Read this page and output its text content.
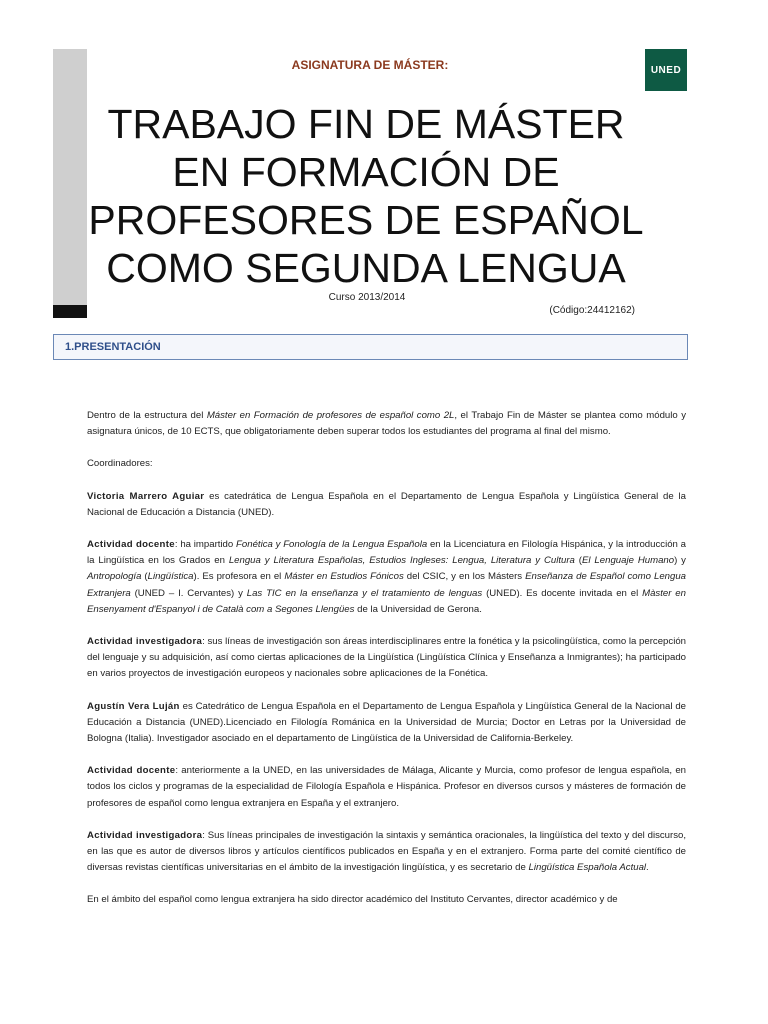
UNED
ASIGNATURA DE MÁSTER:
TRABAJO FIN DE MÁSTER
EN FORMACIÓN DE
PROFESORES DE ESPAÑOL
COMO SEGUNDA LENGUA
Curso 2013/2014
(Código:24412162)
1.PRESENTACIÓN

Dentro de la estructura del Máster en Formación de profesores de español como 2L, el Trabajo Fin de Máster se plantea como módulo y asignatura únicos, de 10 ECTS, que obligatoriamente deben superar todos los estudiantes del programa al final del mismo.

Coordinadores:

Victoria Marrero Aguiar es catedrática de Lengua Española en el Departamento de Lengua Española y Lingüística General de la Nacional de Educación a Distancia (UNED).

Actividad docente: ha impartido Fonética y Fonología de la Lengua Española en la Licenciatura en Filología Hispánica, y la introducción a la Lingüística en los Grados en Lengua y Literatura Españolas, Estudios Ingleses: Lengua, Literatura y Cultura (El Lenguaje Humano) y Antropología (Lingüística). Es profesora en el Máster en Estudios Fónicos del CSIC, y en los Másters Enseñanza de Español como Lengua Extranjera (UNED – I. Cervantes) y Las TIC en la enseñanza y el tratamiento de lenguas (UNED). Es docente invitada en el Màster en Ensenyament d'Espanyol i de Català com a Segones Llengües de la Universidad de Gerona.

Actividad investigadora: sus líneas de investigación son áreas interdisciplinares entre la fonética y la psicolingüística, como la percepción del lenguaje y su adquisición, así como ciertas aplicaciones de la Lingüística (Lingüística Clínica y Enseñanza a Inmigrantes); ha participado en varios proyectos de investigación europeos y nacionales sobre aplicaciones de la Fonética.

Agustín Vera Luján es Catedrático de Lengua Española en el Departamento de Lengua Española y Lingüística General de la Nacional de Educación a Distancia (UNED).Licenciado en Filología Románica en la Universidad de Murcia; Doctor en Letras por la Universidad de Bologna (Italia). Investigador asociado en el departamento de Lingüística de la Universidad de California-Berkeley.

Actividad docente: anteriormente a la UNED, en las universidades de Málaga, Alicante y Murcia, como profesor de lengua española, en todos los ciclos y programas de la especialidad de Filología Española e Hispánica. Profesor en diversos cursos y másteres de formación de profesores de español como lengua extranjera en España y el extranjero.

Actividad investigadora: Sus líneas principales de investigación la sintaxis y semántica oracionales, la lingüística del texto y del discurso, en las que es autor de diversos libros y artículos científicos publicados en España y en el extranjero. Forma parte del comité científico de diversas revistas científicas universitarias en el ámbito de la investigación lingüística, y es secretario de Lingüística Española Actual.

En el ámbito del español como lengua extranjera ha sido director académico del Instituto Cervantes, director académico y de
